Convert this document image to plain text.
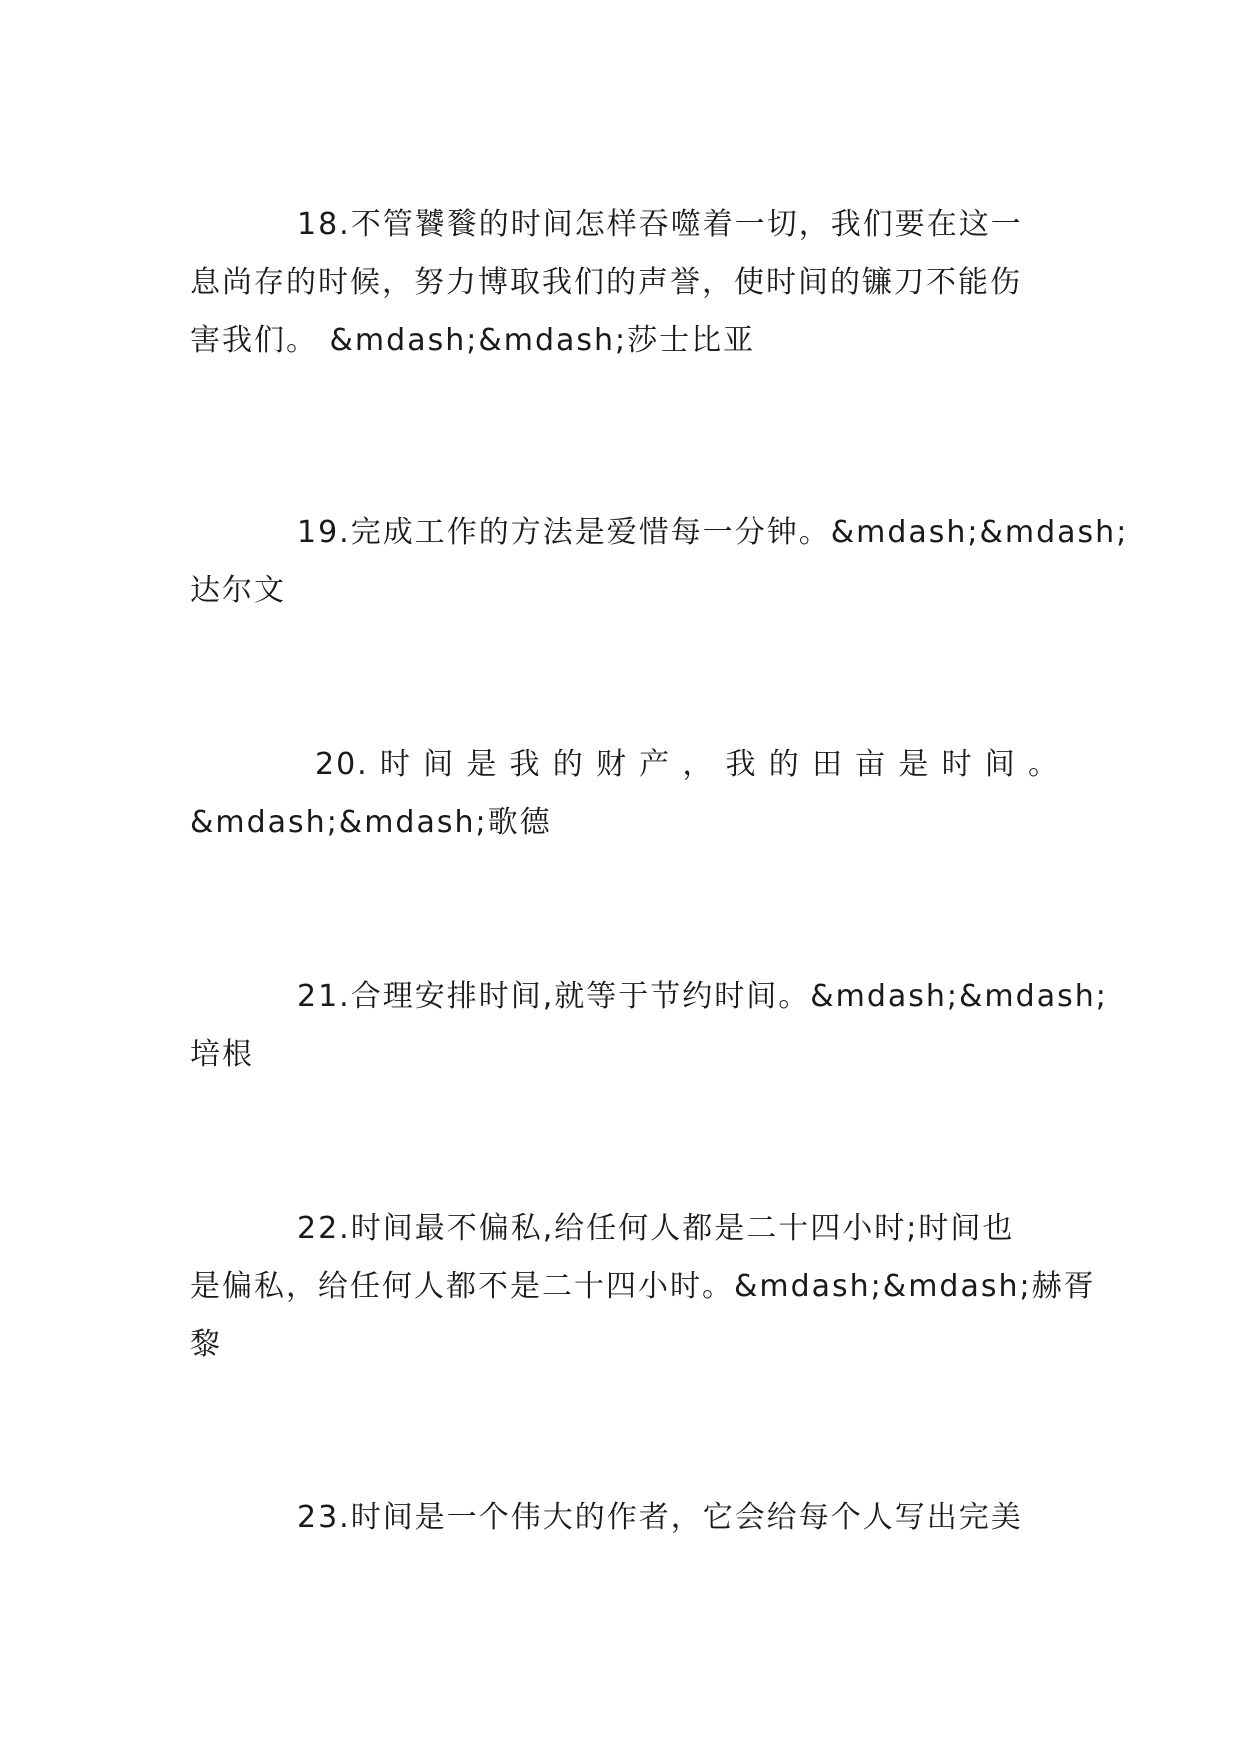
18.不管饕餮的时间怎样吞噬着一切，我们要在这一
息尚存的时候，努力博取我们的声誉，使时间的镰刀不能伤
害我们。 &mdash;&mdash;莎士比亚

19.完成工作的方法是爱惜每一分钟。&mdash;&mdash;
达尔文

20. 时 间 是 我 的 财 产 ， 我 的 田 亩 是 时 间 。
&mdash;&mdash;歌德

21.合理安排时间,就等于节约时间。&mdash;&mdash;
培根

22.时间最不偏私,给任何人都是二十四小时;时间也
是偏私，给任何人都不是二十四小时。&mdash;&mdash;赫胥
黎

23.时间是一个伟大的作者，它会给每个人写出完美
